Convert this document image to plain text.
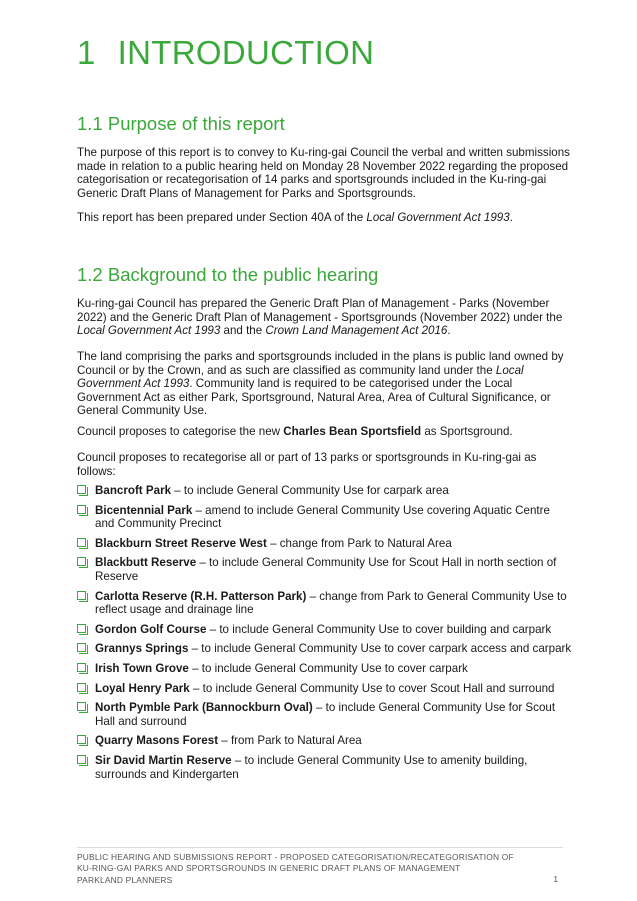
1 INTRODUCTION
1.1 Purpose of this report

The purpose of this report is to convey to Ku-ring-gai Council the verbal and written submissions made in relation to a public hearing held on Monday 28 November 2022 regarding the proposed categorisation or recategorisation of 14 parks and sportsgrounds included in the Ku-ring-gai Generic Draft Plans of Management for Parks and Sportsgrounds.

This report has been prepared under Section 40A of the Local Government Act 1993.

1.2 Background to the public hearing

Ku-ring-gai Council has prepared the Generic Draft Plan of Management - Parks (November 2022) and the Generic Draft Plan of Management - Sportsgrounds (November 2022) under the Local Government Act 1993 and the Crown Land Management Act 2016.

The land comprising the parks and sportsgrounds included in the plans is public land owned by Council or by the Crown, and as such are classified as community land under the Local Government Act 1993. Community land is required to be categorised under the Local Government Act as either Park, Sportsground, Natural Area, Area of Cultural Significance, or General Community Use.

Council proposes to categorise the new Charles Bean Sportsfield as Sportsground.

Council proposes to recategorise all or part of 13 parks or sportsgrounds in Ku-ring-gai as follows:

Bancroft Park – to include General Community Use for carpark area
Bicentennial Park – amend to include General Community Use covering Aquatic Centre and Community Precinct
Blackburn Street Reserve West – change from Park to Natural Area
Blackbutt Reserve – to include General Community Use for Scout Hall in north section of Reserve
Carlotta Reserve (R.H. Patterson Park) – change from Park to General Community Use to reflect usage and drainage line
Gordon Golf Course – to include General Community Use to cover building and carpark
Grannys Springs – to include General Community Use to cover carpark access and carpark
Irish Town Grove – to include General Community Use to cover carpark
Loyal Henry Park – to include General Community Use to cover Scout Hall and surround
North Pymble Park (Bannockburn Oval) – to include General Community Use for Scout Hall and surround
Quarry Masons Forest – from Park to Natural Area
Sir David Martin Reserve – to include General Community Use to amenity building, surrounds and Kindergarten
PUBLIC HEARING AND SUBMISSIONS REPORT - PROPOSED CATEGORISATION/RECATEGORISATION OF
KU-RING-GAI PARKS AND SPORTSGROUNDS IN GENERIC DRAFT PLANS OF MANAGEMENT
PARKLAND PLANNERS	1
